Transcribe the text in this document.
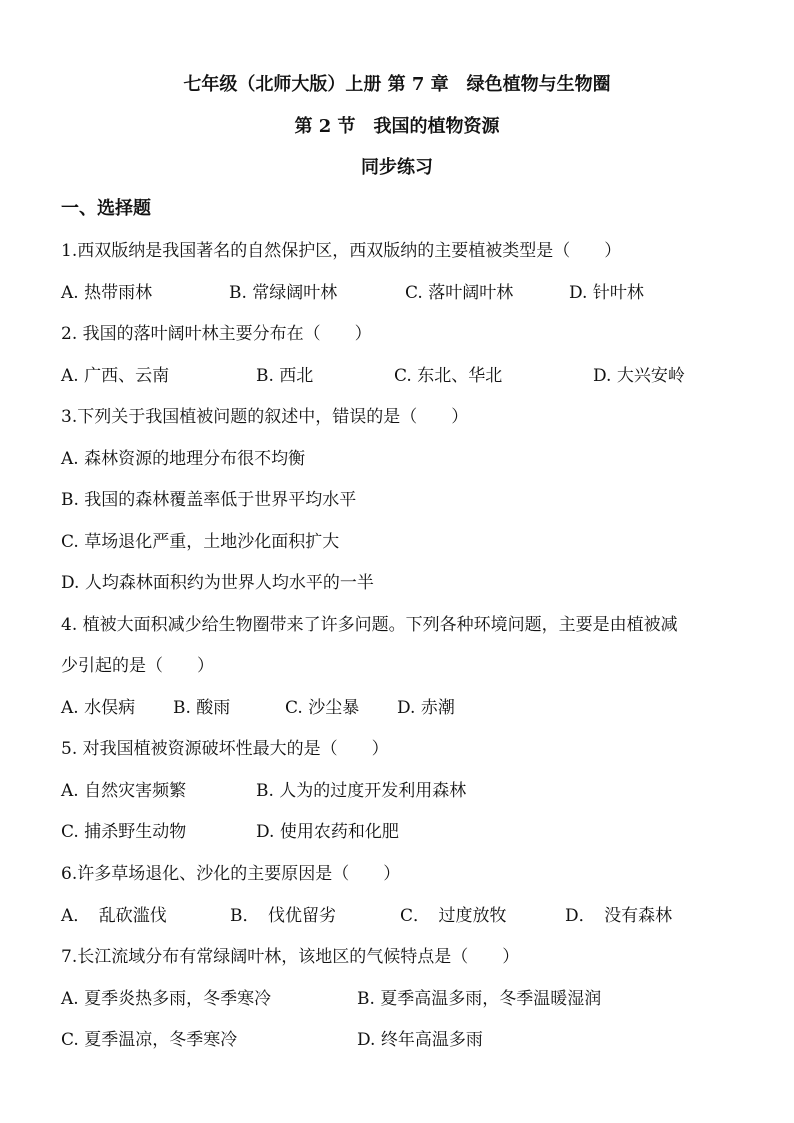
七年级（北师大版）上册 第 7 章　绿色植物与生物圈
第 2 节　我国的植物资源
同步练习
一、选择题
1.西双版纳是我国著名的自然保护区，西双版纳的主要植被类型是（　　）
A. 热带雨林	B. 常绿阔叶林	C. 落叶阔叶林	D. 针叶林
2. 我国的落叶阔叶林主要分布在（　　）
A. 广西、云南	B. 西北	C. 东北、华北	D. 大兴安岭
3.下列关于我国植被问题的叙述中，错误的是（　　）
A. 森林资源的地理分布很不均衡
B. 我国的森林覆盖率低于世界平均水平
C. 草场退化严重，土地沙化面积扩大
D. 人均森林面积约为世界人均水平的一半
4. 植被大面积减少给生物圈带来了许多问题。下列各种环境问题，主要是由植被减
少引起的是（　　）
A. 水俣病 B. 酸雨	C. 沙尘暴 D. 赤潮
5. 对我国植被资源破坏性最大的是（　　）
A. 自然灾害频繁	B. 人为的过度开发利用森林
C. 捕杀野生动物	D. 使用农药和化肥
6.许多草场退化、沙化的主要原因是（　　）
A．　乱砍滥伐	B．　伐优留劣	C．　过度放牧	D．　没有森林
7.长江流域分布有常绿阔叶林，该地区的气候特点是（　　）
A. 夏季炎热多雨，冬季寒冷	B. 夏季高温多雨，冬季温暖湿润
C. 夏季温凉，冬季寒冷	D. 终年高温多雨
